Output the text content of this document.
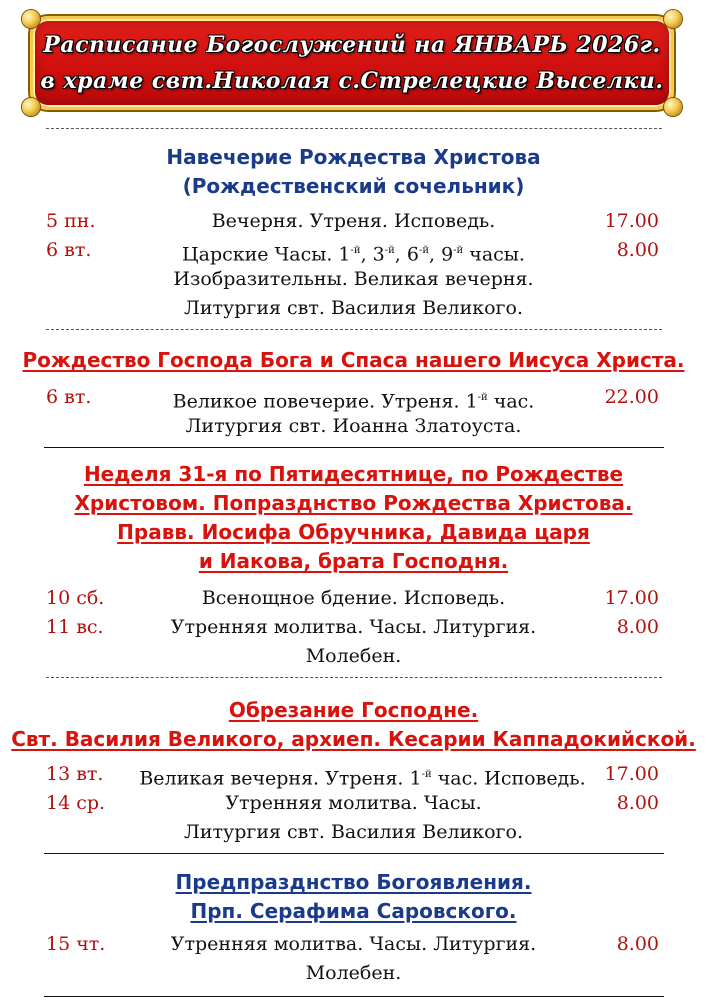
Расписание Богослужений на ЯНВАРЬ 2026г.
в храме свт.Николая с.Стрелецкие Выселки.
Навечерие Рождества Христова
(Рождественский сочельник)
5 пн.	Вечерня. Утреня. Исповедь.	17.00
6 вт.	Царские Часы. $1^{-й}$, $3^{-й}$, $6^{-й}$, $9^{-й}$ часы.	8.00
Изобразительны. Великая вечерня.
Литургия свт. Василия Великого.
Рождество Господа Бога и Спаса нашего Иисуса Христа.
6 вт.	Великое повечерие. Утреня. $1^{-й}$ час.	22.00
Литургия свт. Иоанна Златоуста.
Неделя 31-я по Пятидесятнице, по Рождестве
Христовом. Попразднство Рождества Христова.
Правв. Иосифа Обручника, Давида царя
и Иакова, брата Господня.
10 сб.	Всенощное бдение. Исповедь.	17.00
11 вс.	Утренняя молитва. Часы. Литургия.	8.00
Молебен.
Обрезание Господне.
Свт. Василия Великого, архиеп. Кесарии Каппадокийской.
13 вт.	Великая вечерня. Утреня. $1^{-й}$ час. Исповедь. 17.00
14 ср.	Утренняя молитва. Часы.	8.00
Литургия свт. Василия Великого.
Предпразднство Богоявления.
Прп. Серафима Саровского.
15 чт.	Утренняя молитва. Часы. Литургия.	8.00
Молебен.
